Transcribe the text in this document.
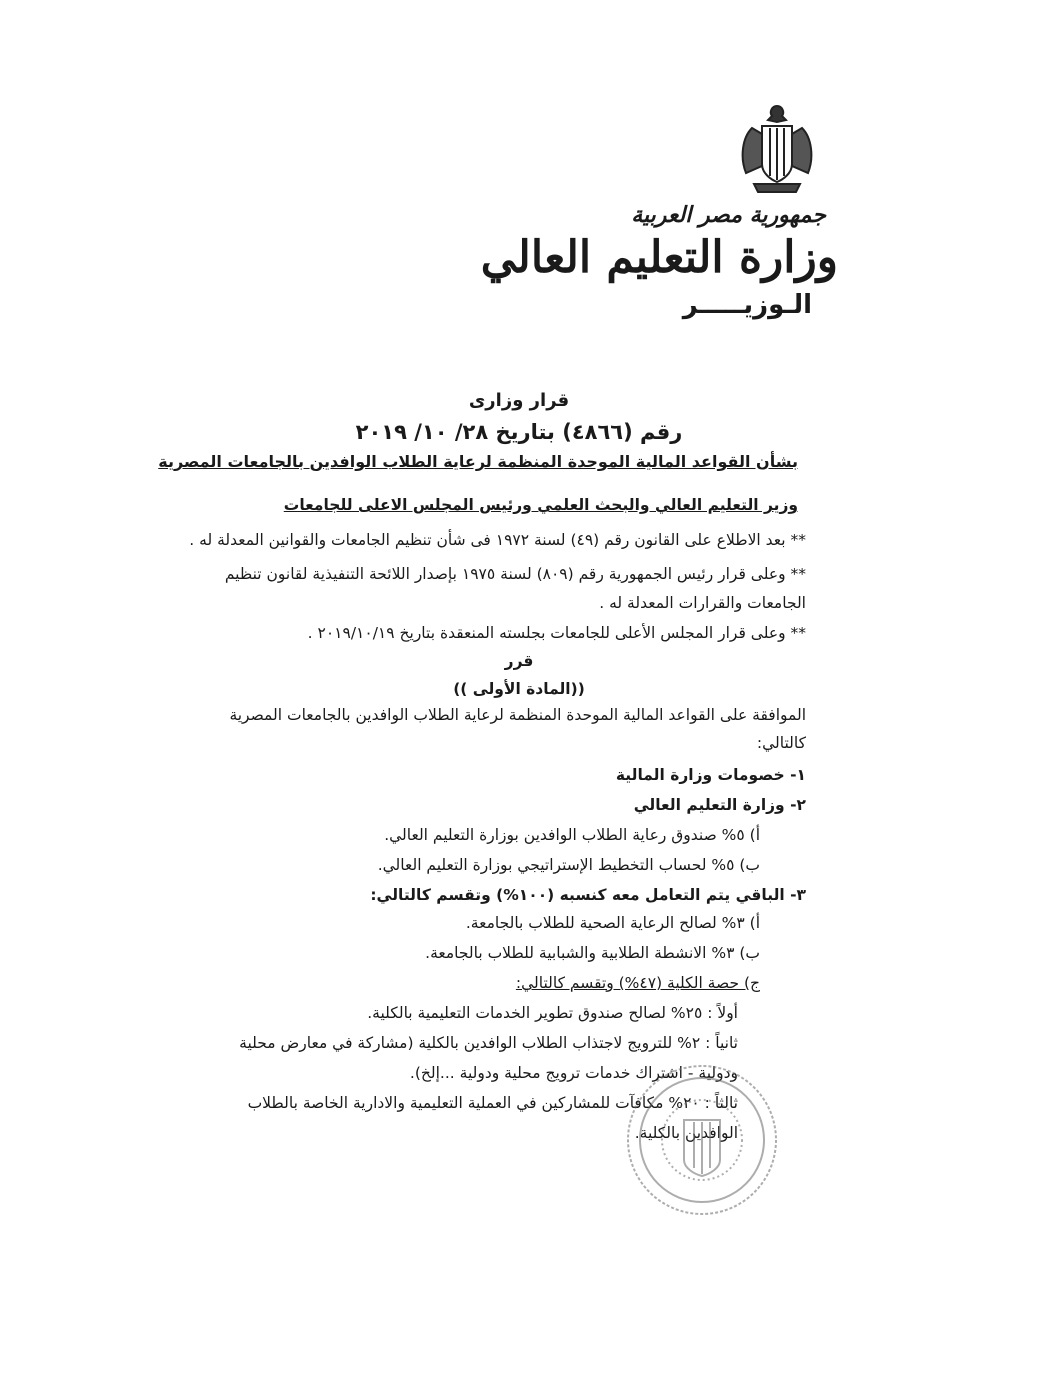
جمهورية مصر العربية
وزارة التعليم العالي
الـوزيـــــر
قرار وزارى
رقم (٤٨٦٦) بتاريخ ٢٨/ ١٠/ ٢٠١٩
بشأن القواعد المالية الموحدة المنظمة لرعاية الطلاب الوافدين بالجامعات المصرية
وزير التعليم العالي والبحث العلمي ورئيس المجلس الاعلى للجامعات
** بعد الاطلاع على القانون رقم (٤٩) لسنة ١٩٧٢ فى شأن تنظيم الجامعات والقوانين المعدلة له .
** وعلى قرار رئيس الجمهورية رقم (٨٠٩) لسنة ١٩٧٥ بإصدار اللائحة التنفيذية لقانون تنظيم
الجامعات والقرارات المعدلة له .
** وعلى قرار المجلس الأعلى للجامعات بجلسته المنعقدة بتاريخ ٢٠١٩/١٠/١٩ .
قرر
((المادة الأولى ))
الموافقة على القواعد المالية الموحدة المنظمة لرعاية الطلاب الوافدين بالجامعات المصرية
كالتالي:
١- خصومات وزارة المالية
٢- وزارة التعليم العالي
أ) ٥% صندوق رعاية الطلاب الوافدين بوزارة التعليم العالي.
ب) ٥% لحساب التخطيط الإستراتيجي بوزارة التعليم العالي.
٣- الباقي يتم التعامل معه كنسبه (١٠٠%) وتقسم كالتالي:
أ) ٣% لصالح الرعاية الصحية للطلاب بالجامعة.
ب) ٣% الانشطة الطلابية والشبابية للطلاب بالجامعة.
ج) حصة الكلية (٤٧%) وتقسم كالتالي:
أولاً : ٢٥% لصالح صندوق تطوير الخدمات التعليمية بالكلية.
ثانياً : ٢% للترويج لاجتذاب الطلاب الوافدين بالكلية (مشاركة في معارض محلية
ودولية - اشتراك خدمات ترويج محلية ودولية ...إلخ).
ثالثاً : ٢٠% مكافآت للمشاركين في العملية التعليمية والادارية الخاصة بالطلاب
الوافدين بالكلية.
